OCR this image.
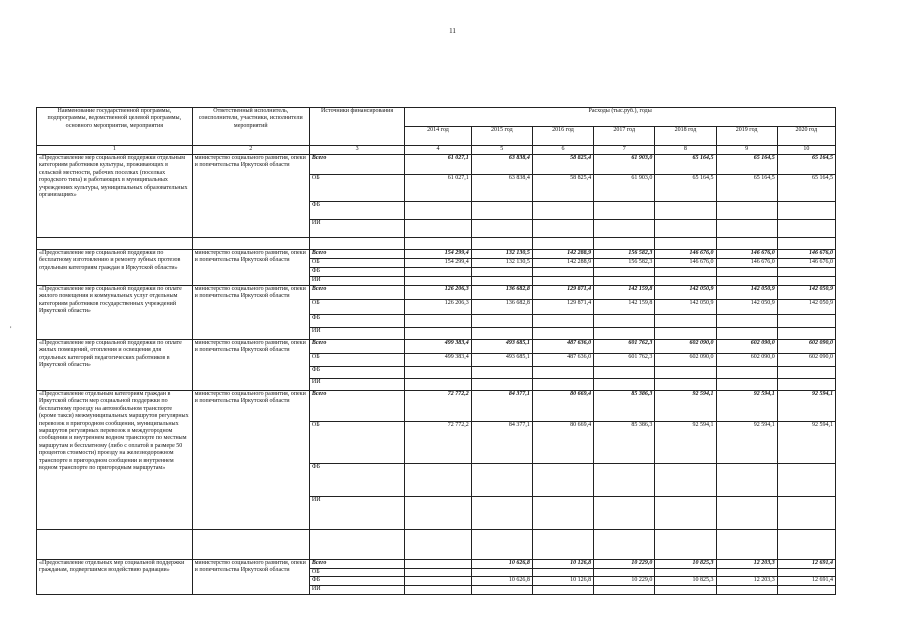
11
,
Наименование государственной программы, подпрограммы, ведомственной целевой программы, основного мероприятия, мероприятия	Ответственный исполнитель, соисполнители, участники, исполнители мероприятий	Источники финансирования	Расходы (тыс.руб.), годы						
			2014 год	2015 год	2016 год	2017 год	2018 год	2019 год	2020 год
1	2	3	4	5	6	7	8	9	10
«Предоставление мер социальной поддержки отдельным категориям работников культуры, проживающих в сельской местности, рабочих поселках (поселках городского типа) и работающих в муниципальных учреждениях культуры, муниципальных образовательных организациях»	министерство социального развития, опеки и попечительства Иркутской области	Всего	61 027,1	63 838,4	58 825,4	61 903,0	65 164,5	65 164,5	65 164,5
		ОБ	61 027,1	63 838,4	58 825,4	61 903,0	65 164,5	65 164,5	65 164,5
		ФБ							
		ИИ							

«Предоставление мер социальной поддержки по бесплатному изготовлению и ремонту зубных протезов отдельным категориям граждан в Иркутской области»	министерство социального развития, опеки и попечительства Иркутской области	Всего	154 299,4	132 130,5	142 288,9	156 582,3	146 676,0	146 676,0	146 676,0
		ОБ	154 299,4	132 130,5	142 288,9	156 582,3	146 676,0	146 676,0	146 676,0
		ФБ							
		ИИ							
«Предоставление мер социальной поддержки по оплате жилого помещения и коммунальных услуг отдельным категориям работников государственных учреждений Иркутской области»	министерство социального развития, опеки и попечительства Иркутской области	Всего	126 206,3	136 682,8	129 871,4	142 159,8	142 050,9	142 050,9	142 050,9
		ОБ	126 206,3	136 682,8	129 871,4	142 159,8	142 050,9	142 050,9	142 050,9
		ФБ							
		ИИ							
«Предоставление мер социальной поддержки по оплате жилых помещений, отопления и освещения для отдельных категорий педагогических работников в Иркутской области»	министерство социального развития, опеки и попечительства Иркутской области	Всего	499 383,4	493 685,1	487 636,0	601 762,3	602 090,0	602 090,0	602 090,0
		ОБ	499 383,4	493 685,1	487 636,0	601 762,3	602 090,0	602 090,0	602 090,0
		ФБ							
		ИИ							
«Предоставление отдельным категориям граждан в Иркутской области мер социальной поддержки по бесплатному проезду на автомобильном транспорте (кроме такси) межмуниципальных маршрутов регулярных перевозок в пригородном сообщении, муниципальных маршрутов регулярных перевозок в междугородном сообщении и внутреннем водном транспорте по местным маршрутам и бесплатному (либо с оплатой в размере 50 процентов стоимости) проезду на железнодорожном транспорте в пригородном сообщении и внутреннем водном транспорте по пригородным маршрутам»	министерство социального развития, опеки и попечительства Иркутской области	Всего	72 772,2	84 377,1	80 669,4	85 386,3	92 594,1	92 594,1	92 594,1
		ОБ	72 772,2	84 377,1	80 669,4	85 386,3	92 594,1	92 594,1	92 594,1
		ФБ							
		ИИ							

«Предоставление отдельных мер социальной поддержки гражданам, подвергшимся воздействию радиации»	министерство социального развития, опеки и попечительства Иркутской области	Всего		10 626,8	10 126,8	10 229,0	10 825,3	12 203,3	12 691,4
		ОБ							
		ФБ		10 626,8	10 126,8	10 229,0	10 825,3	12 203,3	12 691,4
		ИИ							
